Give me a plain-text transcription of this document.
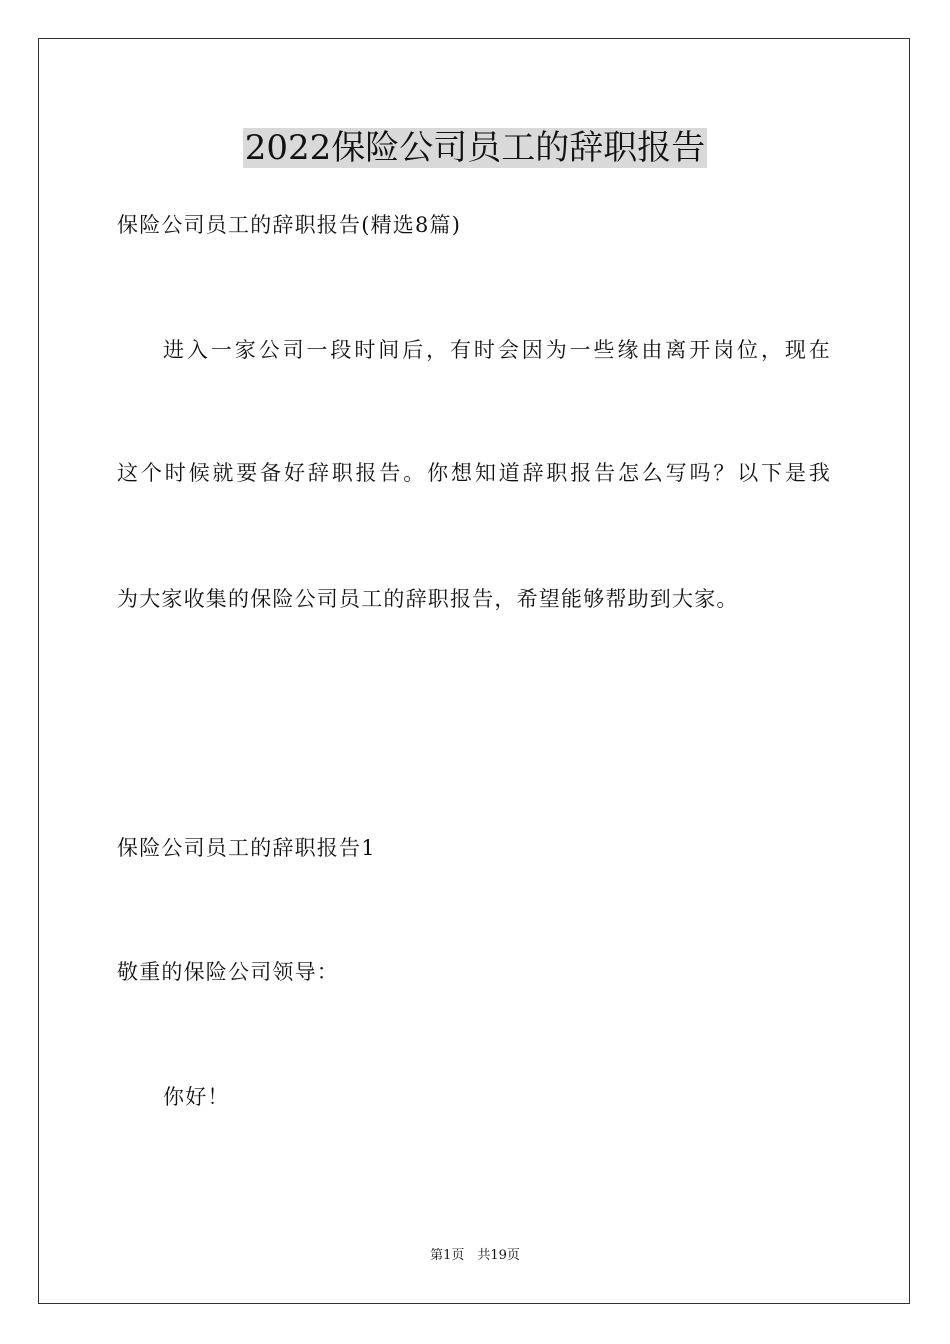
2022保险公司员工的辞职报告
保险公司员工的辞职报告(精选8篇)
进入一家公司一段时间后，有时会因为一些缘由离开岗位，现在
这个时候就要备好辞职报告。你想知道辞职报告怎么写吗？以下是我
为大家收集的保险公司员工的辞职报告，希望能够帮助到大家。
保险公司员工的辞职报告1
敬重的保险公司领导：
你好！
第1页　共19页
